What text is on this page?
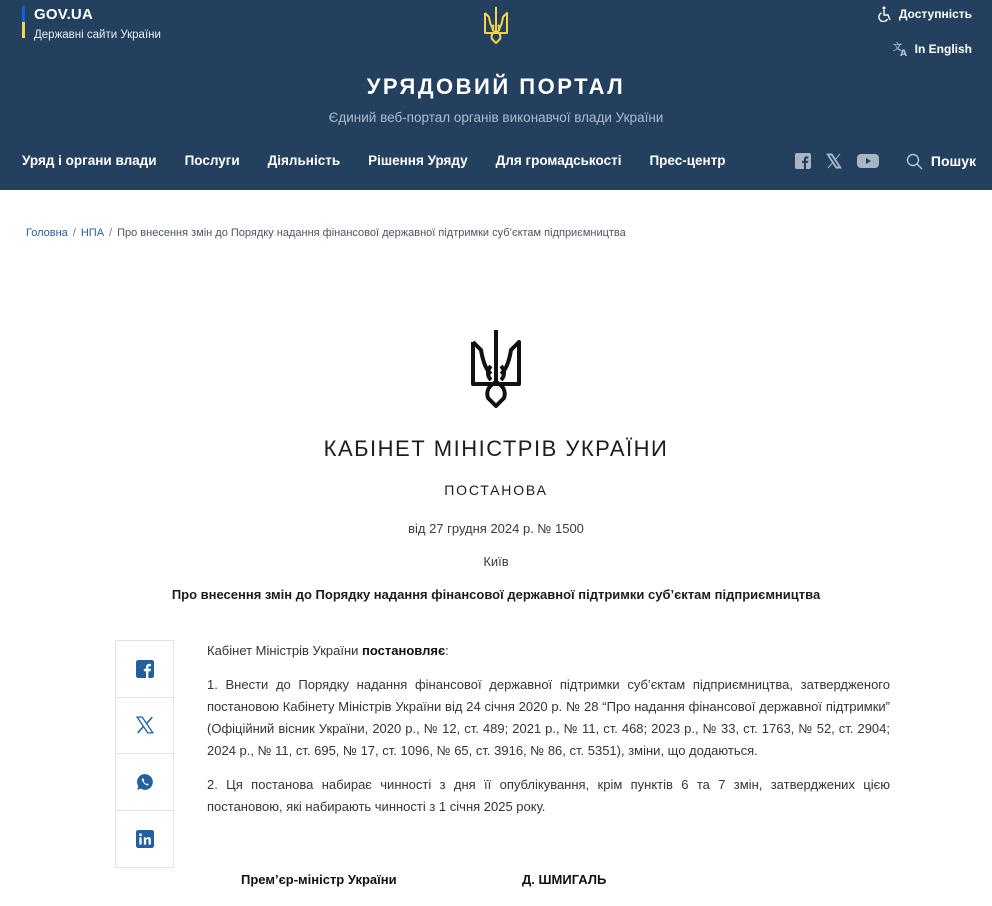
GOV.UA
Державні сайти України
Доступність
文
A In English
УРЯДОВИЙ ПОРТАЛ
Єдиний веб-портал органів виконавчої влади України
Уряд і органи влади Послуги Діяльність Рішення Уряду Для громадськості Прес-центр	Пошук
Головна / НПА / Про внесення змін до Порядку надання фінансової державної підтримки суб’єктам підприємництва
КАБІНЕТ МІНІСТРІВ УКРАЇНИ
ПОСТАНОВА
від 27 грудня 2024 р. № 1500
Київ
Про внесення змін до Порядку надання фінансової державної підтримки суб’єктам підприємництва

Кабінет Міністрів України постановляє:

1. Внести до Порядку надання фінансової державної підтримки суб’єктам підприємництва, затвердженого постановою Кабінету Міністрів України від 24 січня 2020 р. № 28 “Про надання фінансової державної підтримки” (Офіційний вісник України, 2020 р., № 12, ст. 489; 2021 р., № 11, ст. 468; 2023 р., № 33, ст. 1763, № 52, ст. 2904; 2024 р., № 11, ст. 695, № 17, ст. 1096, № 65, ст. 3916, № 86, ст. 5351), зміни, що додаються.

2. Ця постанова набирає чинності з дня її опублікування, крім пунктів 6 та 7 змін, затверджених цією постановою, які набирають чинності з 1 січня 2025 року.

Прем’єр-міністр України	Д. ШМИГАЛЬ
